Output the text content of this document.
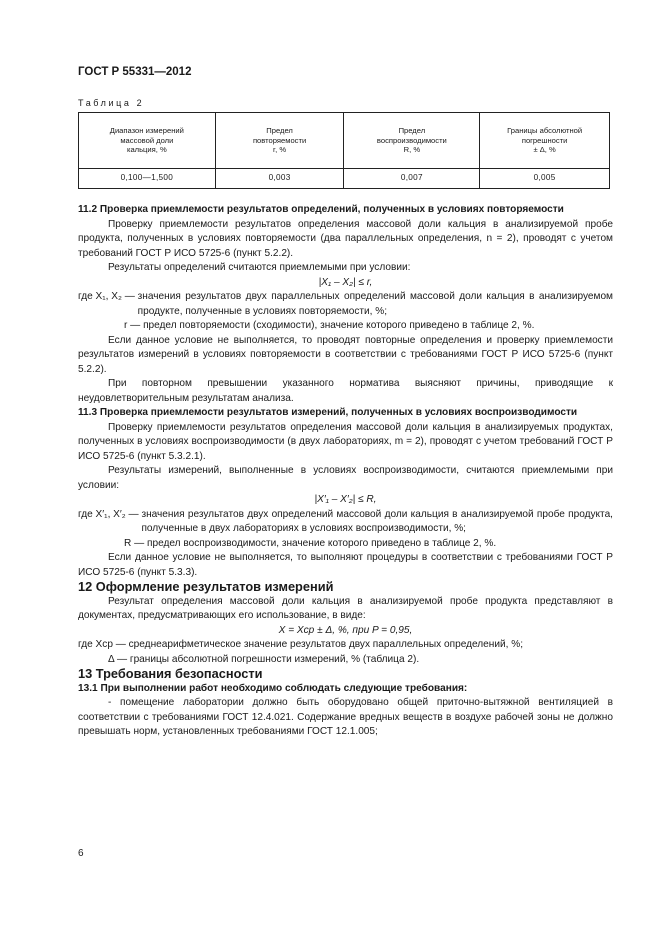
ГОСТ Р 55331—2012
Таблица 2
Диапазон измерений
массовой доли
кальция, %	Предел
повторяемости
r, %	Предел
воспроизводимости
R, %	Границы абсолютной
погрешности
± Δ, %
0,100—1,500	0,003	0,007	0,005

11.2 Проверка приемлемости результатов определений, полученных в условиях повторяемости

Проверку приемлемости результатов определения массовой доли кальция в анализируемой пробе продукта, полученных в условиях повторяемости (два параллельных определения, n = 2), проводят с учетом требований ГОСТ Р ИСО 5725-6 (пункт 5.2.2).

Результаты определений считаются приемлемыми при условии:

|X₁ – X₂| ≤ r,

где X₁, X₂ —
значения результатов двух параллельных определений массовой доли кальция в анализируемом продукте, полученные в условиях повторяемости, %;

r — предел повторяемости (сходимости), значение которого приведено в таблице 2, %.

Если данное условие не выполняется, то проводят повторные определения и проверку приемлемости результатов измерений в условиях повторяемости в соответствии с требованиями ГОСТ Р ИСО 5725-6 (пункт 5.2.2).

При повторном превышении указанного норматива выясняют причины, приводящие к неудовлетворительным результатам анализа.

11.3 Проверка приемлемости результатов измерений, полученных в условиях воспроизводимости

Проверку приемлемости результатов определения массовой доли кальция в анализируемых продуктах, полученных в условиях воспроизводимости (в двух лабораториях, m = 2), проводят с учетом требований ГОСТ Р ИСО 5725-6 (пункт 5.3.2.1).

Результаты измерений, выполненные в условиях воспроизводимости, считаются приемлемыми при условии:

|X′₁ – X′₂| ≤ R,

где X′₁, X′₂ —
значения результатов двух определений массовой доли кальция в анализируемой пробе продукта, полученные в двух лабораториях в условиях воспроизводимости, %;

R — предел воспроизводимости, значение которого приведено в таблице 2, %.

Если данное условие не выполняется, то выполняют процедуры в соответствии с требованиями ГОСТ Р ИСО 5725-6 (пункт 5.3.3).

12 Оформление результатов измерений

Результат определения массовой доли кальция в анализируемой пробе продукта представляют в документах, предусматривающих его использование, в виде:

X = Xср ± Δ, %, при P = 0,95,

где Xср — среднеарифметическое значение результатов двух параллельных определений, %;

Δ — границы абсолютной погрешности измерений, % (таблица 2).

13 Требования безопасности

13.1 При выполнении работ необходимо соблюдать следующие требования:

- помещение лаборатории должно быть оборудовано общей приточно-вытяжной вентиляцией в соответствии с требованиями ГОСТ 12.4.021. Содержание вредных веществ в воздухе рабочей зоны не должно превышать норм, установленных требованиями ГОСТ 12.1.005;

6
